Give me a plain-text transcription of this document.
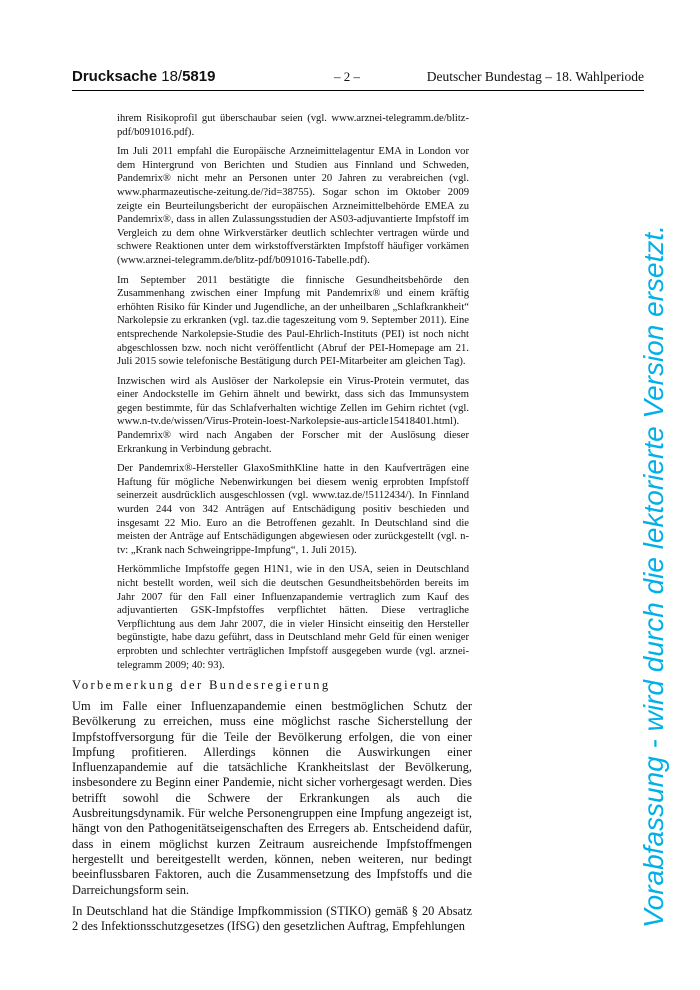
Drucksache 18/5819	– 2 –	Deutscher Bundestag – 18. Wahlperiode

ihrem Risikoprofil gut überschaubar seien (vgl. www.arznei-telegramm.de/blitz-pdf/b091016.pdf).

Im Juli 2011 empfahl die Europäische Arzneimittelagentur EMA in London vor dem Hintergrund von Berichten und Studien aus Finnland und Schweden, Pandemrix® nicht mehr an Personen unter 20 Jahren zu verabreichen (vgl. www.pharmazeutische-zeitung.de/?id=38755). Sogar schon im Oktober 2009 zeigte ein Beurteilungsbericht der europäischen Arzneimittelbehörde EMEA zu Pandemrix®, dass in allen Zulassungsstudien der AS03-adjuvantierte Impfstoff im Vergleich zu dem ohne Wirkverstärker deutlich schlechter vertragen würde und schwere Reaktionen unter dem wirkstoffverstärkten Impfstoff häufiger vorkämen (www.arznei-telegramm.de/blitz-pdf/b091016-Tabelle.pdf).

Im September 2011 bestätigte die finnische Gesundheitsbehörde den Zusammenhang zwischen einer Impfung mit Pandemrix® und einem kräftig erhöhten Risiko für Kinder und Jugendliche, an der unheilbaren „Schlafkrankheit“ Narkolepsie zu erkranken (vgl. taz.die tageszeitung vom 9. September 2011). Eine entsprechende Narkolepsie-Studie des Paul-Ehrlich-Instituts (PEI) ist noch nicht abgeschlossen bzw. noch nicht veröffentlicht (Abruf der PEI-Homepage am 21. Juli 2015 sowie telefonische Bestätigung durch PEI-Mitarbeiter am gleichen Tag).

Inzwischen wird als Auslöser der Narkolepsie ein Virus-Protein vermutet, das einer Andockstelle im Gehirn ähnelt und bewirkt, dass sich das Immunsystem gegen bestimmte, für das Schlafverhalten wichtige Zellen im Gehirn richtet (vgl. www.n-tv.de/wissen/Virus-Protein-loest-Narkolepsie-aus-article15418401.html). Pandemrix® wird nach Angaben der Forscher mit der Auslösung dieser Erkrankung in Verbindung gebracht.

Der Pandemrix®-Hersteller GlaxoSmithKline hatte in den Kaufverträgen eine Haftung für mögliche Nebenwirkungen bei diesem wenig erprobten Impfstoff seinerzeit ausdrücklich ausgeschlossen (vgl. www.taz.de/!5112434/). In Finnland wurden 244 von 342 Anträgen auf Entschädigung positiv beschieden und insgesamt 22 Mio. Euro an die Betroffenen gezahlt. In Deutschland sind die meisten der Anträge auf Entschädigungen abgewiesen oder zurückgestellt (vgl. n-tv: „Krank nach Schweingrippe-Impfung“, 1. Juli 2015).

Herkömmliche Impfstoffe gegen H1N1, wie in den USA, seien in Deutschland nicht bestellt worden, weil sich die deutschen Gesundheitsbehörden bereits im Jahr 2007 für den Fall einer Influenzapandemie vertraglich zum Kauf des adjuvantierten GSK-Impfstoffes verpflichtet hätten. Diese vertragliche Verpflichtung aus dem Jahr 2007, die in vieler Hinsicht einseitig den Hersteller begünstigte, habe dazu geführt, dass in Deutschland mehr Geld für einen weniger erprobten und schlechter verträglichen Impfstoff ausgegeben wurde (vgl. arznei-telegramm 2009; 40: 93).

Vorbemerkung der Bundesregierung

Um im Falle einer Influenzapandemie einen bestmöglichen Schutz der Bevölkerung zu erreichen, muss eine möglichst rasche Sicherstellung der Impfstoffversorgung für die Teile der Bevölkerung erfolgen, die von einer Impfung profitieren. Allerdings können die Auswirkungen einer Influenzapandemie auf die tatsächliche Krankheitslast der Bevölkerung, insbesondere zu Beginn einer Pandemie, nicht sicher vorhergesagt werden. Dies betrifft sowohl die Schwere der Erkrankungen als auch die Ausbreitungsdynamik. Für welche Personengruppen eine Impfung angezeigt ist, hängt von den Pathogenitätseigenschaften des Erregers ab. Entscheidend dafür, dass in einem möglichst kurzen Zeitraum ausreichende Impfstoffmengen hergestellt und bereitgestellt werden, können, neben weiteren, nur bedingt beeinflussbaren Faktoren, auch die Zusammensetzung des Impfstoffs und die Darreichungsform sein.

In Deutschland hat die Ständige Impfkommission (STIKO) gemäß § 20 Absatz 2 des Infektionsschutzgesetzes (IfSG) den gesetzlichen Auftrag, Empfehlungen	Vorabfassung - wird durch die lektorierte Version ersetzt.
